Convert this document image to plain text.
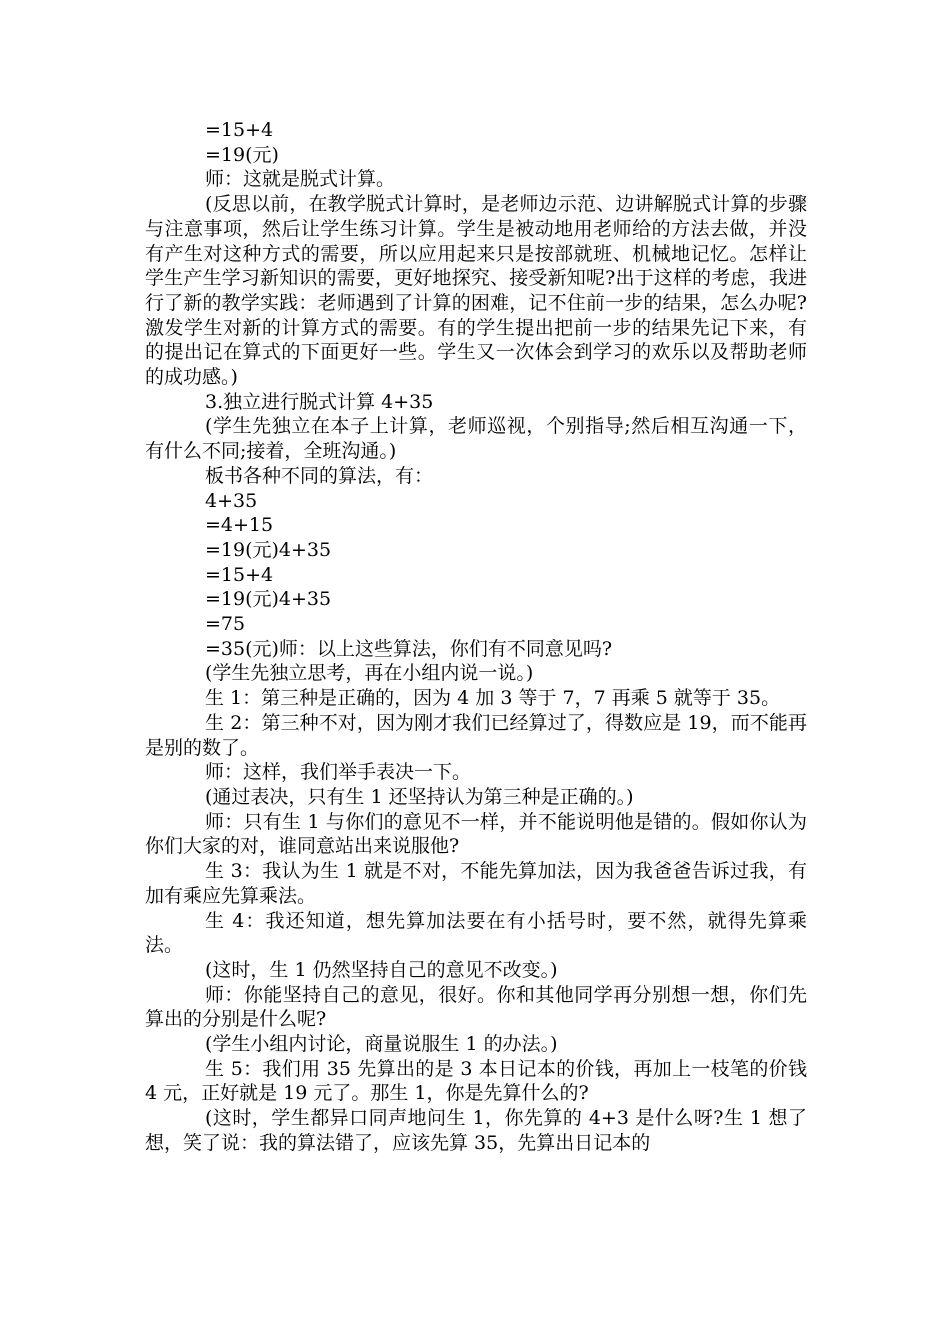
=15+4

=19(元)

师：这就是脱式计算。

(反思以前，在教学脱式计算时，是老师边示范、边讲解脱式计算的步骤与注意事项，然后让学生练习计算。学生是被动地用老师给的方法去做，并没有产生对这种方式的需要，所以应用起来只是按部就班、机械地记忆。怎样让学生产生学习新知识的需要，更好地探究、接受新知呢?出于这样的考虑，我进行了新的教学实践：老师遇到了计算的困难，记不住前一步的结果，怎么办呢?激发学生对新的计算方式的需要。有的学生提出把前一步的结果先记下来，有的提出记在算式的下面更好一些。学生又一次体会到学习的欢乐以及帮助老师的成功感。)

3.独立进行脱式计算 4+35

(学生先独立在本子上计算，老师巡视，个别指导;然后相互沟通一下，有什么不同;接着，全班沟通。)

板书各种不同的算法，有：

4+35

=4+15

=19(元)4+35

=15+4

=19(元)4+35

=75

=35(元)师：以上这些算法，你们有不同意见吗?

(学生先独立思考，再在小组内说一说。)

生 1：第三种是正确的，因为 4 加 3 等于 7，7 再乘 5 就等于 35。

生 2：第三种不对，因为刚才我们已经算过了，得数应是 19，而不能再是别的数了。

师：这样，我们举手表决一下。

(通过表决，只有生 1 还坚持认为第三种是正确的。)

师：只有生 1 与你们的意见不一样，并不能说明他是错的。假如你认为你们大家的对，谁同意站出来说服他?

生 3：我认为生 1 就是不对，不能先算加法，因为我爸爸告诉过我，有加有乘应先算乘法。

生 4：我还知道，想先算加法要在有小括号时，要不然，就得先算乘法。

(这时，生 1 仍然坚持自己的意见不改变。)

师：你能坚持自己的意见，很好。你和其他同学再分别想一想，你们先算出的分别是什么呢?

(学生小组内讨论，商量说服生 1 的办法。)

生 5：我们用 35 先算出的是 3 本日记本的价钱，再加上一枝笔的价钱 4 元，正好就是 19 元了。那生 1，你是先算什么的?

(这时，学生都异口同声地问生 1，你先算的 4+3 是什么呀?生 1 想了想，笑了说：我的算法错了，应该先算 35，先算出日记本的
